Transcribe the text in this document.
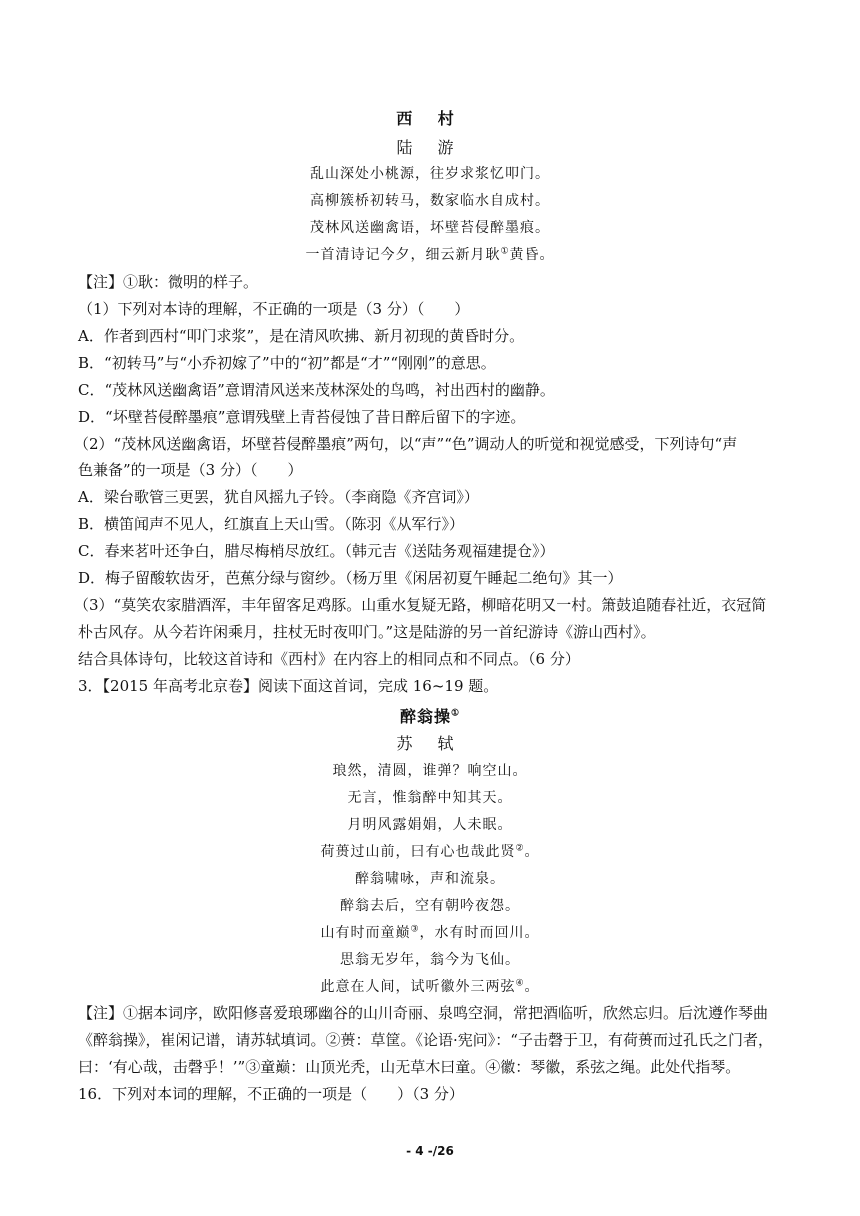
西 村
陆 游
乱山深处小桃源，往岁求浆忆叩门。
高柳簇桥初转马，数家临水自成村。
茂林风送幽禽语，坏壁苔侵醉墨痕。
一首清诗记今夕，细云新月耿①黄昏。
【注】①耿：微明的样子。
（1）下列对本诗的理解，不正确的一项是（3 分）（　　）
A．作者到西村“叩门求浆”，是在清风吹拂、新月初现的黄昏时分。
B．“初转马”与“小乔初嫁了”中的“初”都是“才”“刚刚”的意思。
C．“茂林风送幽禽语”意谓清风送来茂林深处的鸟鸣，衬出西村的幽静。
D．“坏壁苔侵醉墨痕”意谓残壁上青苔侵蚀了昔日醉后留下的字迹。
（2）“茂林风送幽禽语，坏壁苔侵醉墨痕”两句，以“声”“色”调动人的听觉和视觉感受，下列诗句“声
色兼备”的一项是（3 分）（　　）
A．梁台歌管三更罢，犹自风摇九子铃。（李商隐《齐宫词》）
B．横笛闻声不见人，红旗直上天山雪。（陈羽《从军行》）
C．春来茗叶还争白，腊尽梅梢尽放红。（韩元吉《送陆务观福建提仓》）
D．梅子留酸软齿牙，芭蕉分绿与窗纱。（杨万里《闲居初夏午睡起二绝句》其一）
（3）“莫笑农家腊酒浑，丰年留客足鸡豚。山重水复疑无路，柳暗花明又一村。箫鼓追随春社近，衣冠简
朴古风存。从今若许闲乘月，拄杖无时夜叩门。”这是陆游的另一首纪游诗《游山西村》。
结合具体诗句，比较这首诗和《西村》在内容上的相同点和不同点。（6 分）
3．【2015 年高考北京卷】阅读下面这首词，完成 16~19 题。
醉翁操①
苏 轼
琅然，清圆，谁弹？响空山。
无言，惟翁醉中知其天。
月明风露娟娟，人未眠。
荷蒉过山前，曰有心也哉此贤②。
醉翁啸咏，声和流泉。
醉翁去后，空有朝吟夜怨。
山有时而童巅③，水有时而回川。
思翁无岁年，翁今为飞仙。
此意在人间，试听徽外三两弦④。
【注】①据本词序，欧阳修喜爱琅琊幽谷的山川奇丽、泉鸣空洞，常把酒临听，欣然忘归。后沈遵作琴曲
《醉翁操》，崔闲记谱，请苏轼填词。②蒉：草筐。《论语·宪问》：“子击磬于卫，有荷蒉而过孔氏之门者，
曰：‘有心哉，击磬乎！’”③童巅：山顶光秃，山无草木曰童。④徽：琴徽，系弦之绳。此处代指琴。
16．下列对本词的理解，不正确的一项是（　　）（3 分）
- 4 -/26
